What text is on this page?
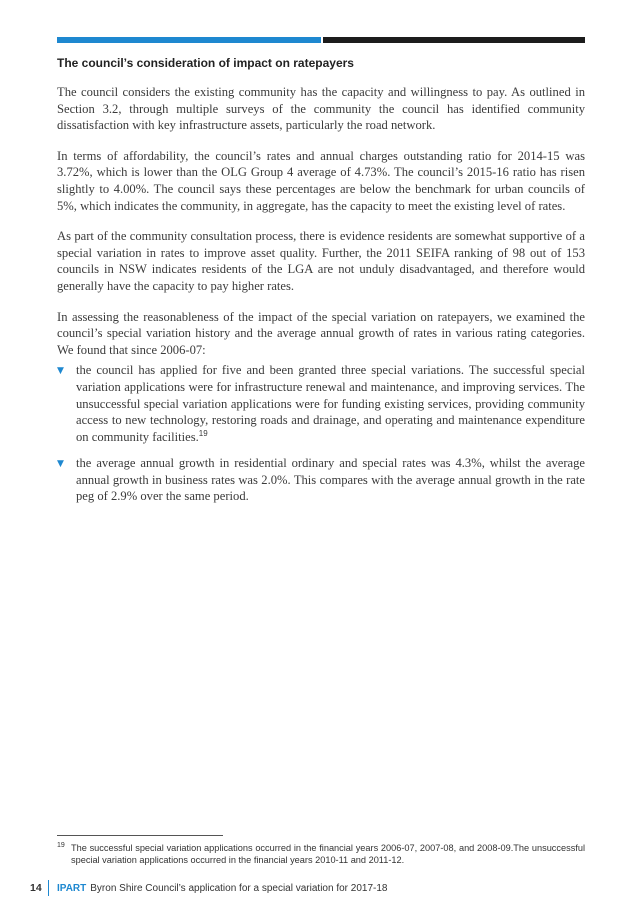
The council’s consideration of impact on ratepayers

The council considers the existing community has the capacity and willingness to pay. As outlined in Section 3.2, through multiple surveys of the community the council has identified community dissatisfaction with key infrastructure assets, particularly the road network.

In terms of affordability, the council’s rates and annual charges outstanding ratio for 2014-15 was 3.72%, which is lower than the OLG Group 4 average of 4.73%. The council’s 2015-16 ratio has risen slightly to 4.00%. The council says these percentages are below the benchmark for urban councils of 5%, which indicates the community, in aggregate, has the capacity to meet the existing level of rates.

As part of the community consultation process, there is evidence residents are somewhat supportive of a special variation in rates to improve asset quality. Further, the 2011 SEIFA ranking of 98 out of 153 councils in NSW indicates residents of the LGA are not unduly disadvantaged, and therefore would generally have the capacity to pay higher rates.

In assessing the reasonableness of the impact of the special variation on ratepayers, we examined the council’s special variation history and the average annual growth of rates in various rating categories. We found that since 2006-07:

▼ the council has applied for five and been granted three special variations. The successful special variation applications were for infrastructure renewal and maintenance, and improving services. The unsuccessful special variation applications were for funding existing services, providing community access to new technology, restoring roads and drainage, and operating and maintenance expenditure on community facilities.$^{19}$
▼ the average annual growth in residential ordinary and special rates was 4.3%, whilst the average annual growth in business rates was 2.0%. This compares with the average annual growth in the rate peg of 2.9% over the same period.
19 The successful special variation applications occurred in the financial years 2006-07, 2007-08, and 2008-09.The unsuccessful special variation applications occurred in the financial years 2010-11 and 2011-12.
14 IPART Byron Shire Council’s application for a special variation for 2017-18
